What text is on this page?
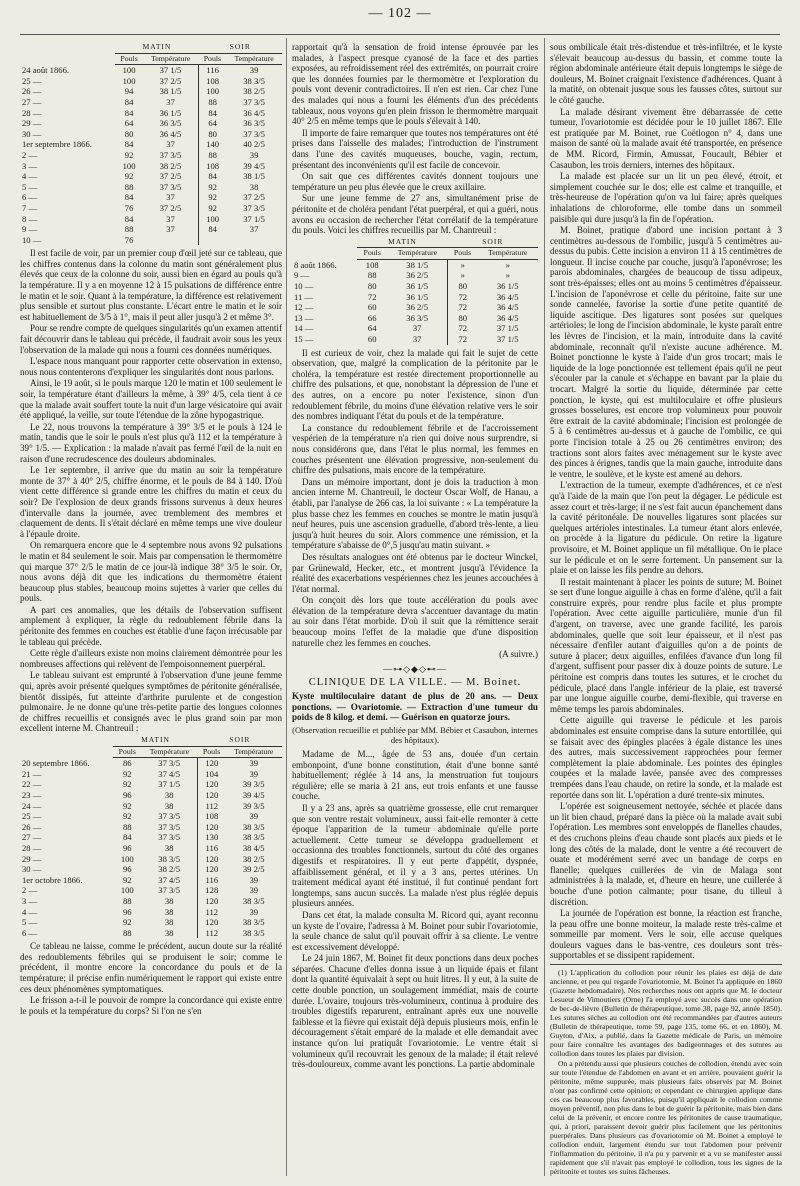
— 102 —
	MATIN		SOIR	
	Pouls	Température	Pouls	Température
24 août 1866.	100	37 1/5	116	39
25 —	100	37 2/5	108	38 3/5
26 —	94	38 1/5	100	38 2/5
27 —	84	37	88	37 3/5
28 —	84	36 1/5	84	36 4/5
29 —	64	36 3/5	64	36 3/5
30 —	80	36 4/5	80	37 3/5
1er septembre 1866.	84	37	140	40 2/5
2 —	92	37 3/5	88	39
3 —	100	38 2/5	108	39 4/5
4 —	92	37 2/5	84	38 1/5
5 —	88	37 3/5	92	38
6 —	84	37	92	37 2/5
7 —	76	37 2/5	92	37 3/5
8 —	84	37	100	37 1/5
9 —	88	37	84	37
10 —	76			

Il est facile de voir, par un premier coup d'œil jeté sur ce tableau, que les chiffres contenus dans la colonne du matin sont généralement plus élevés que ceux de la colonne du soir, aussi bien en égard au pouls qu'à la température. Il y a en moyenne 12 à 15 pulsations de différence entre le matin et le soir. Quant à la température, la différence est relativement plus sensible et surtout plus constante. L'écart entre le matin et le soir est habituellement de 3/5 à 1°, mais il peut aller jusqu'à 2 et même 3°.

Pour se rendre compte de quelques singularités qu'un examen attentif fait découvrir dans le tableau qui précède, il faudrait avoir sous les yeux l'observation de la malade qui nous a fourni ces données numériques.

L'espace nous manquant pour rapporter cette observation in extenso, nous nous contenterons d'expliquer les singularités dont nous parlons.

Ainsi, le 19 août, si le pouls marque 120 le matin et 100 seulement le soir, la température étant d'ailleurs la même, à 39° 4/5, cela tient à ce que la malade avait souffert toute la nuit d'un large vésicatoire qui avait été appliqué, la veille, sur toute l'étendue de la zône hypogastrique.

Le 22, nous trouvons la température à 39° 3/5 et le pouls à 124 le matin, tandis que le soir le pouls n'est plus qu'à 112 et la température à 39° 1/5. — Explication : la malade n'avait pas fermé l'œil de la nuit en raison d'une recrudescence des douleurs abdominales.

Le 1er septembre, il arrive que du matin au soir la température monte de 37° à 40° 2/5, chiffre énorme, et le pouls de 84 à 140. D'où vient cette différence si grande entre les chiffres du matin et ceux du soir? De l'explosion de deux grands frissons survenus à deux heures d'intervalle dans la journée, avec tremblement des membres et claquement de dents. Il s'était déclaré en même temps une vive douleur à l'épaule droite.

On remarquera encore que le 4 septembre nous avons 92 pulsations le matin et 84 seulement le soir. Mais par compensation le thermomètre qui marque 37° 2/5 le matin de ce jour-là indique 38° 3/5 le soir. Or, nous avons déjà dit que les indications du thermomètre étaient beaucoup plus stables, beaucoup moins sujettes à varier que celles du pouls.

A part ces anomalies, que les détails de l'observation suffisent amplement à expliquer, la règle du redoublement fébrile dans la péritonite des femmes en couches est établie d'une façon irrécusable par le tableau qui précède.

Cette règle d'ailleurs existe non moins clairement démontrée pour les nombreuses affections qui relèvent de l'empoisonnement puerpéral.

Le tableau suivant est emprunté à l'observation d'une jeune femme qui, après avoir présenté quelques symptômes de péritonite généralisée, bientôt dissipés, fut atteinte d'arthrite purulente et de congestion pulmonaire. Je ne donne qu'une très-petite partie des longues colonnes de chiffres recueillis et consignés avec le plus grand soin par mon excellent interne M. Chantreuil :

	MATIN		SOIR	
	Pouls	Température	Pouls	Température
20 septembre 1866.	86	37 3/5	120	39
21 —	92	37 4/5	104	39
22 —	92	37 1/5	120	39 3/5
23 —	96	38	120	39 4/5
24 —	92	38	112	39 3/5
25 —	92	37 3/5	108	39
26 —	88	37 3/5	120	38 3/5
27 —	84	37 3/5	130	38 3/5
28 —	96	38	116	38 4/5
29 —	100	38 3/5	120	38 2/5
30 —	96	38 2/5	120	39 2/5
1er octobre 1866.	92	37 4/5	116	39
2 —	100	37 3/5	128	39
3 —	88	38	120	38 3/5
4 —	96	38	112	39
5 —	92	38	120	38 3/5
6 —	88	38	112	38 3/5

Ce tableau ne laisse, comme le précédent, aucun doute sur la réalité des redoublements fébriles qui se produisent le soir; comme le précédent, il montre encore la concordance du pouls et de la température; il précise enfin numériquement le rapport qui existe entre ces deux phénomènes symptomatiques.

Le frisson a-t-il le pouvoir de rompre la concordance qui existe entre le pouls et la température du corps? Si l'on ne s'en

rapportait qu'à la sensation de froid intense éprouvée par les malades, à l'aspect presque cyanosé de la face et des parties exposées, au refroidissement réel des extrémités, on pourrait croire que les données fournies par le thermomètre et l'exploration du pouls vont devenir contradictoires. Il n'en est rien. Car chez l'une des malades qui nous a fourni les éléments d'un des précédents tableaux, nous voyons qu'en plein frisson le thermomètre marquait 40° 2/5 en même temps que le pouls s'élevait à 140.

Il importe de faire remarquer que toutes nos températures ont été prises dans l'aisselle des malades; l'introduction de l'instrument dans l'une des cavités muqueuses, bouche, vagin, rectum, présentant des inconvénients qu'il est facile de concevoir.

On sait que ces différentes cavités donnent toujours une température un peu plus élevée que le creux axillaire.

Sur une jeune femme de 27 ans, simultanément prise de péritonite et de choléra pendant l'état puerpéral, et qui a guéri, nous avons eu occasion de rechercher l'état corrélatif de la température du pouls. Voici les chiffres recueillis par M. Chantreuil :

	MATIN		SOIR	
	Pouls	Température	Pouls	Température
8 août 1866.	108	38 1/5	»	»
9 —	88	36 2/5	»	»
10 —	80	36 1/5	80	36 1/5
11 —	72	36 1/5	72	36 4/5
12 —	60	36 2/5	72	36 4/5
13 —	66	36 3/5	80	36 4/5
14 —	64	37	72	37 1/5
15 —	60	37	72	37 1/5

Il est curieux de voir, chez la malade qui fait le sujet de cette observation, que, malgré la complication de la péritonite par le choléra, la température est restée directement proportionnelle au chiffre des pulsations, et que, nonobstant la dépression de l'une et des autres, on a encore pu noter l'existence, sinon d'un redoublement fébrile, du moins d'une élévation relative vers le soir des nombres indiquant l'état du pouls et de la température.

La constance du redoublement fébrile et de l'accroissement vespérien de la température n'a rien qui doive nous surprendre, si nous considérons que, dans l'état le plus normal, les femmes en couches présentent une élévation progressive, non-seulement du chiffre des pulsations, mais encore de la température.

Dans un mémoire important, dont je dois la traduction à mon ancien interne M. Chantreuil, le docteur Oscar Wolf, de Hanau, a établi, par l'analyse de 266 cas, la loi suivante : « La température la plus basse chez les femmes en couches se montre le matin jusqu'à neuf heures, puis une ascension graduelle, d'abord très-lente, a lieu jusqu'à huit heures du soir. Alors commence une rémission, et la température s'abaisse de 0°,5 jusqu'au matin suivant. »

Des résultats analogues ont été obtenus par le docteur Winckel, par Grünewald, Hecker, etc., et montrent jusqu'à l'évidence la réalité des exacerbations vespériennes chez les jeunes accouchées à l'état normal.

On conçoit dès lors que toute accélération du pouls avec élévation de la température devra s'accentuer davantage du matin au soir dans l'état morbide. D'où il suit que la rémittence serait beaucoup moins l'effet de la maladie que d'une disposition naturelle chez les femmes en couches.

(A suivre.)

—⊶◇◆◇⊷—
CLINIQUE DE LA VILLE. — M. Boinet.

Kyste multiloculaire datant de plus de 20 ans. — Deux ponctions. — Ovariotomie. — Extraction d'une tumeur du poids de 8 kilog. et demi. — Guérison en quatorze jours.

(Observation recueillie et publiée par MM. Bébier et Casaubon, internes des hôpitaux).

Madame de M..., âgée de 53 ans, douée d'un certain embonpoint, d'une bonne constitution, était d'une bonne santé habituellement; réglée à 14 ans, la menstruation fut toujours régulière; elle se maria à 21 ans, eut trois enfants et une fausse couche.

Il y a 23 ans, après sa quatrième grossesse, elle crut remarquer que son ventre restait volumineux, aussi fait-elle remonter à cette époque l'apparition de la tumeur abdominale qu'elle porte actuellement. Cette tumeur se développa graduellement et occasionna des troubles fonctionnels, surtout du côté des organes digestifs et respiratoires. Il y eut perte d'appétit, dyspnée, affaiblissement général, et il y a 3 ans, pertes utérines. Un traitement médical ayant été institué, il fut continué pendant fort longtemps, sans aucun succès. La malade n'est plus réglée depuis plusieurs années.

Dans cet état, la malade consulta M. Ricord qui, ayant reconnu un kyste de l'ovaire, l'adressa à M. Boinet pour subir l'ovariotomie, la seule chance de salut qu'il pouvait offrir à sa cliente. Le ventre est excessivement développé.

Le 24 juin 1867, M. Boinet fit deux ponctions dans deux poches séparées. Chacune d'elles donna issue à un liquide épais et filant dont la quantité équivalait à sept ou huit litres. Il y eut, à la suite de cette double ponction, un soulagement immédiat, mais de courte durée. L'ovaire, toujours très-volumineux, continua à produire des troubles digestifs reparurent, entraînant après eux une nouvelle faiblesse et la fièvre qui existait déjà depuis plusieurs mois, enfin le découragement s'était emparé de la malade et elle demandait avec instance qu'on lui pratiquât l'ovariotomie. Le ventre était si volumineux qu'il recouvrait les genoux de la malade; il était relevé très-douloureux, comme avant les ponctions. La partie abdominale

sous ombilicale était très-distendue et très-infiltrée, et le kyste s'élevait beaucoup au-dessus du bassin, et comme toute la région abdominale antérieure était depuis longtemps le siège de douleurs, M. Boinet craignait l'existence d'adhérences. Quant à la matité, on obtenait jusque sous les fausses côtes, surtout sur le côté gauche.

La malade désirant vivement être débarrassée de cette tumeur, l'ovariotomie est décidée pour le 10 juillet 1867. Elle est pratiquée par M. Boinet, rue Coëtlogon n° 4, dans une maison de santé où la malade avait été transportée, en présence de MM. Ricord, Firmin, Amussat, Foucault, Bébier et Casaubon, les trois derniers, internes des hôpitaux.

La malade est placée sur un lit un peu élevé, étroit, et simplement couchée sur le dos; elle est calme et tranquille, et très-heureuse de l'opération qu'on va lui faire; après quelques inhalations de chloroforme, elle tombe dans un sommeil paisible qui dure jusqu'à la fin de l'opération.

M. Boinet, pratique d'abord une incision portant à 3 centimètres au-dessous de l'ombilic, jusqu'à 5 centimètres au-dessus du pubis. Cette incision a environ 11 à 15 centimètres de longueur. Il incise couche par couche, jusqu'à l'aponévrose; les parois abdominales, chargées de beaucoup de tissu adipeux, sont très-épaisses; elles ont au moins 5 centimètres d'épaisseur. L'incision de l'aponévrose et celle du péritoine, faite sur une sonde cannelée, favorise la sortie d'une petite quantité de liquide ascitique. Des ligatures sont posées sur quelques artérioles; le long de l'incision abdominale, le kyste paraît entre les lèvres de l'incision, et la main, introduite dans la cavité abdominale, reconnaît qu'il n'existe aucune adhérence. M. Boinet ponctionne le kyste à l'aide d'un gros trocart; mais le liquide de la loge ponctionnée est tellement épais qu'il ne peut s'écouler par la canule et s'échappe en bavant par la plaie du trocart. Malgré la sortie du liquide, déterminée par cette ponction, le kyste, qui est multiloculaire et offre plusieurs grosses bosselures, est encore trop volumineux pour pouvoir être extrait de la cavité abdominale; l'incision est prolongée de 5 à 6 centimètres au-dessus et à gauche de l'ombilic, ce qui porte l'incision totale à 25 ou 26 centimètres environ; des tractions sont alors faites avec ménagement sur le kyste avec des pinces à érignes, tandis que la main gauche, introduite dans le ventre, le soulève, et le kyste est amené au dehors.

L'extraction de la tumeur, exempte d'adhérences, et ce n'est qu'à l'aide de la main que l'on peut la dégager. Le pédicule est assez court et très-large; il ne s'est fait aucun épanchement dans la cavité péritonéale. De nouvelles ligatures sont placées sur quelques artérioles intestinales. La tumeur étant alors enlevée, on procède à la ligature du pédicule. On retire la ligature provisoire, et M. Boinet applique un fil métallique. On le place sur le pédicule et on le serre fortement. Un pansement sur la plaie et on laisse les fils pendre au dehors.

Il restait maintenant à placer les points de suture; M. Boinet se sert d'une longue aiguille à chas en forme d'alène, qu'il a fait construire exprès, pour rendre plus facile et plus prompte l'opération. Avec cette aiguille particulière, munie d'un fil d'argent, on traverse, avec une grande facilité, les parois abdominales, quelle que soit leur épaisseur, et il n'est pas nécessaire d'enfiler autant d'aiguilles qu'on a de points de suture à placer; deux aiguilles, enfilées d'avance d'un long fil d'argent, suffisent pour passer dix à douze points de suture. Le péritoine est compris dans toutes les sutures, et le crochet du pédicule, placé dans l'angle inférieur de la plaie, est traversé par une longue aiguille courbe, demi-flexible, qui traverse en même temps les parois abdominales.

Cette aiguille qui traverse le pédicule et les parois abdominales est ensuite comprise dans la suture entortillée, qui se faisait avec des épingles placées à égale distance les unes des autres, mais successivement rapprochées pour fermer complètement la plaie abdominale. Les pointes des épingles coupées et la malade lavée, pansée avec des compresses trempées dans l'eau chaude, on retire la sonde, et la malade est reportée dans son lit. L'opération a duré trente-six minutes.

L'opérée est soigneusement nettoyée, séchée et placée dans un lit bien chaud, préparé dans la pièce où la malade avait subi l'opération. Les membres sont enveloppés de flanelles chaudes, et des cruchons pleins d'eau chaude sont placés aux pieds et le long des côtés de la malade, dont le ventre a été recouvert de ouate et modérément serré avec un bandage de corps en flanelle; quelques cuillerées de vin de Malaga sont administrées à la malade, et, d'heure en heure, une cuillerée à bouche d'une potion calmante; pour tisane, du tilleul à discrétion.

La journée de l'opération est bonne, la réaction est franche, la peau offre une bonne moiteur, la malade reste très-calme et sommeille par moment. Vers le soir, elle accuse quelques douleurs vagues dans le bas-ventre, ces douleurs sont très-supportables et se dissipent rapidement.

(1) L'application du collodion pour réunir les plaies est déjà de date ancienne, et peu qui regarde l'ovariotomie, M. Boinet l'a appliquée en 1860 (Gazette hebdomadaire). Nos recherches nous ont appris que M. le docteur Lesueur de Vimoutiers (Orne) l'a employé avec succès dans une opération de bec-de-lièvre (Bulletin de thérapeutique, tome 38, page 92, année 1850). Les sutures sèches au collodion ont été recommandées par d'autres auteurs (Bulletin de thérapeutique, tome 59, page 135, tome 66, et en 1860), M. Guyton, d'Aix, a publié, dans la Gazette médicale de Paris, un mémoire pour faire connaître les avantages des badigeonnages et des sutures au collodion dans toutes les plaies par division.

On a prétendu aussi que plusieurs couches de collodion, étendu avec soin sur toute l'étendue de l'abdomen en avant et en arrière, pouvaient guérir la péritonite, même suppurée, mais plusieurs faits observés par M. Boinet n'ont pas confirmé cette opinion; et cependant ce chirurgien applique dans ces cas beaucoup plus favorables, puisqu'il appliquait le collodion comme moyen préventif, non plus dans le but de guérir la péritonite, mais bien dans celui de la prévenir, et encore contre les péritonites de cause traumatique, qui, à priori, paraissent devoir guérir plus facilement que les péritonites puerpérales. Dans plusieurs cas d'ovariotomie où M. Boinet a employé le collodion enduit, largement étendu sur tout l'abdomen pour prévenir l'inflammation du péritoine, il n'a pu y parvenir et a vu se manifester aussi rapidement que s'il n'avait pas employé le collodion, tous les signes de la péritonite et toutes ses suites fâcheuses.
